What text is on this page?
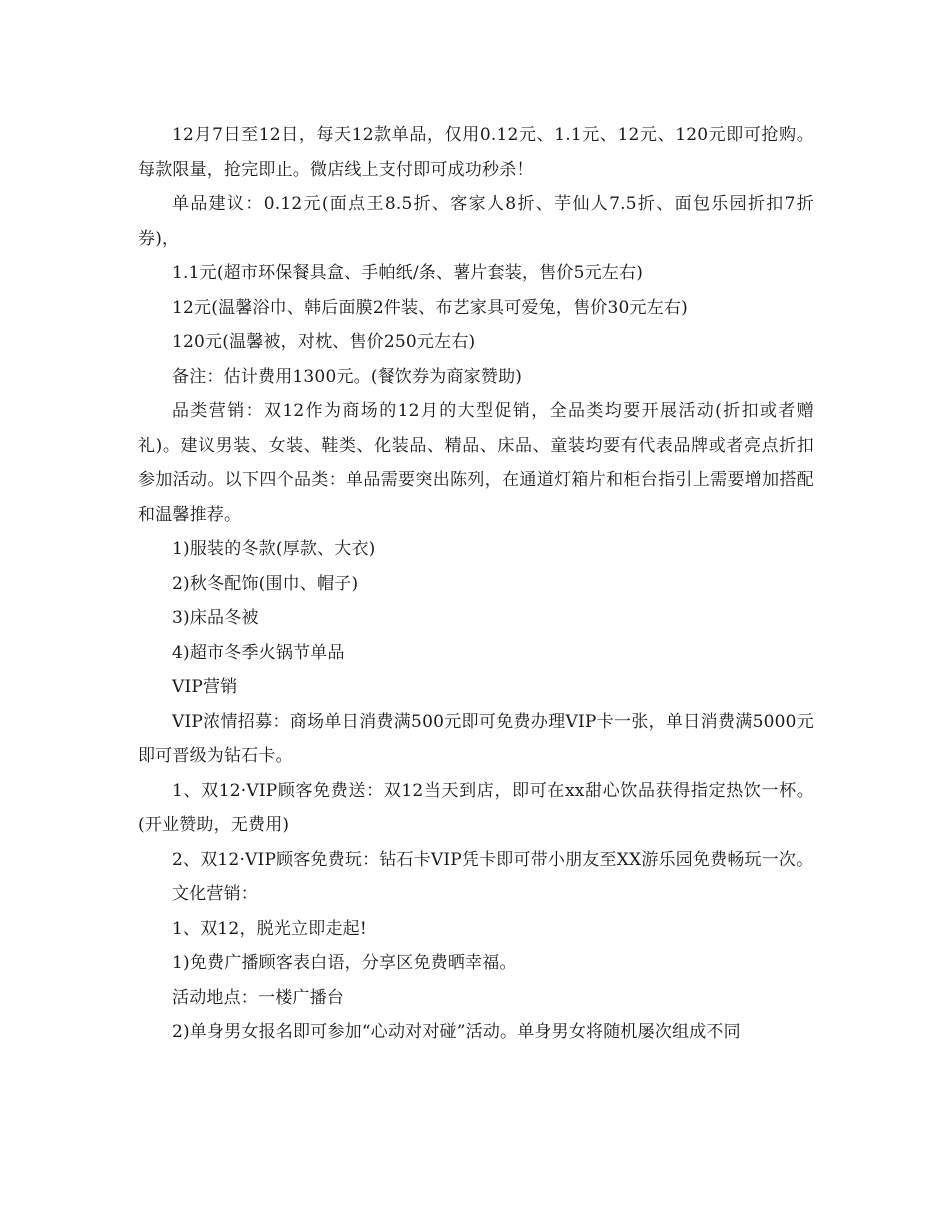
12月7日至12日，每天12款单品，仅用0.12元、1.1元、12元、120元即可抢购。每款限量，抢完即止。微店线上支付即可成功秒杀！

单品建议：0.12元(面点王8.5折、客家人8折、芋仙人7.5折、面包乐园折扣7折券)，

1.1元(超市环保餐具盒、手帕纸/条、薯片套装，售价5元左右)

12元(温馨浴巾、韩后面膜2件装、布艺家具可爱兔，售价30元左右)

120元(温馨被，对枕、售价250元左右)

备注：估计费用1300元。(餐饮券为商家赞助)

品类营销：双12作为商场的12月的大型促销，全品类均要开展活动(折扣或者赠礼)。建议男装、女装、鞋类、化装品、精品、床品、童装均要有代表品牌或者亮点折扣参加活动。以下四个品类：单品需要突出陈列，在通道灯箱片和柜台指引上需要增加搭配和温馨推荐。

1)服装的冬款(厚款、大衣)

2)秋冬配饰(围巾、帽子)

3)床品冬被

4)超市冬季火锅节单品

VIP营销

VIP浓情招募：商场单日消费满500元即可免费办理VIP卡一张，单日消费满5000元即可晋级为钻石卡。

1、双12·VIP顾客免费送：双12当天到店，即可在xx甜心饮品获得指定热饮一杯。(开业赞助，无费用)

2、双12·VIP顾客免费玩：钻石卡VIP凭卡即可带小朋友至XX游乐园免费畅玩一次。

文化营销：

1、双12，脱光立即走起!

1)免费广播顾客表白语，分享区免费晒幸福。

活动地点：一楼广播台

2)单身男女报名即可参加“心动对对碰”活动。单身男女将随机屡次组成不同
